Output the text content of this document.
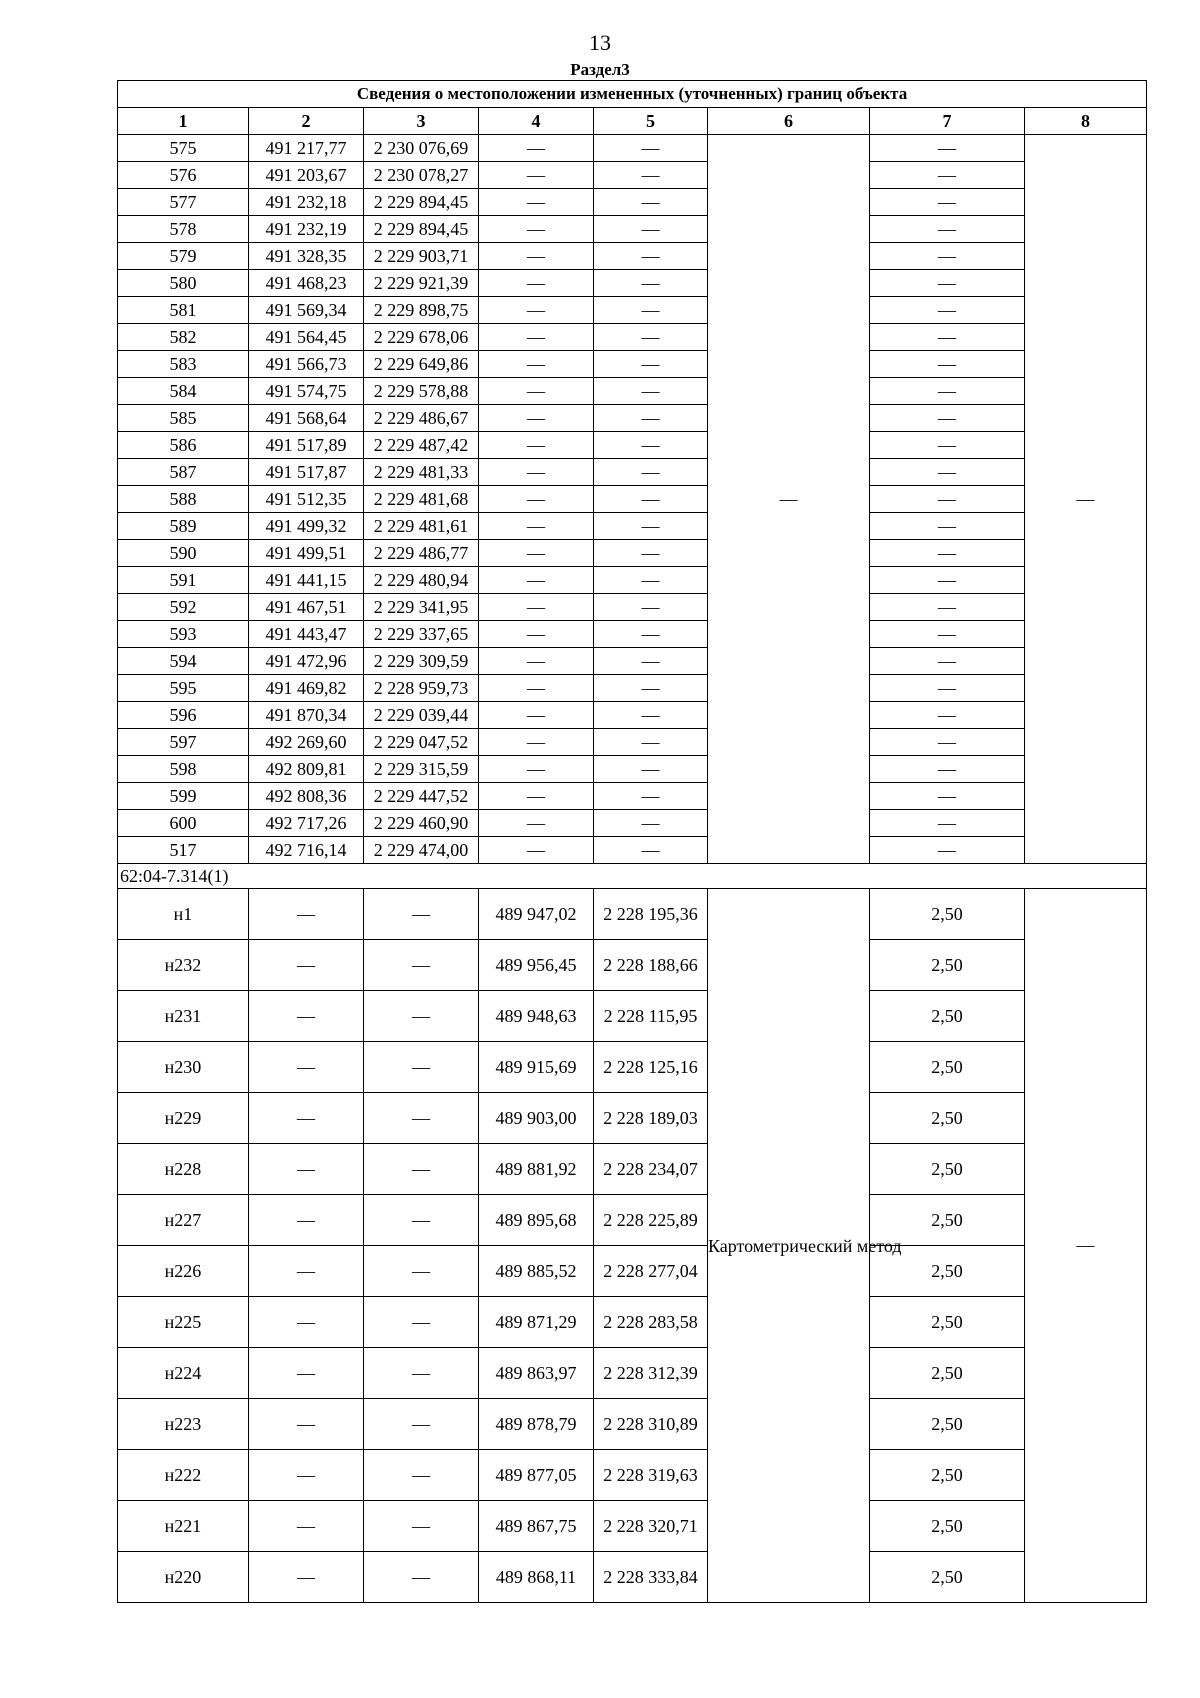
13
Раздел3
Сведения о местоположении измененных (уточненных) границ объекта							
1	2	3	4	5	6	7	8
575	491 217,77	2 230 076,69	—	—	—	—	—
576	491 203,67	2 230 078,27	—	—		—	
577	491 232,18	2 229 894,45	—	—		—	
578	491 232,19	2 229 894,45	—	—		—	
579	491 328,35	2 229 903,71	—	—		—	
580	491 468,23	2 229 921,39	—	—		—	
581	491 569,34	2 229 898,75	—	—		—	
582	491 564,45	2 229 678,06	—	—		—	
583	491 566,73	2 229 649,86	—	—		—	
584	491 574,75	2 229 578,88	—	—		—	
585	491 568,64	2 229 486,67	—	—		—	
586	491 517,89	2 229 487,42	—	—		—	
587	491 517,87	2 229 481,33	—	—		—	
588	491 512,35	2 229 481,68	—	—		—	
589	491 499,32	2 229 481,61	—	—		—	
590	491 499,51	2 229 486,77	—	—		—	
591	491 441,15	2 229 480,94	—	—		—	
592	491 467,51	2 229 341,95	—	—		—	
593	491 443,47	2 229 337,65	—	—		—	
594	491 472,96	2 229 309,59	—	—		—	
595	491 469,82	2 228 959,73	—	—		—	
596	491 870,34	2 229 039,44	—	—		—	
597	492 269,60	2 229 047,52	—	—		—	
598	492 809,81	2 229 315,59	—	—		—	
599	492 808,36	2 229 447,52	—	—		—	
600	492 717,26	2 229 460,90	—	—		—	
517	492 716,14	2 229 474,00	—	—		—	
62:04-7.314(1)							
н1	—	—	489 947,02	2 228 195,36	Картометрический метод	2,50	—
н232	—	—	489 956,45	2 228 188,66		2,50	
н231	—	—	489 948,63	2 228 115,95		2,50	
н230	—	—	489 915,69	2 228 125,16		2,50	
н229	—	—	489 903,00	2 228 189,03		2,50	
н228	—	—	489 881,92	2 228 234,07		2,50	
н227	—	—	489 895,68	2 228 225,89		2,50	
н226	—	—	489 885,52	2 228 277,04		2,50	
н225	—	—	489 871,29	2 228 283,58		2,50	
н224	—	—	489 863,97	2 228 312,39		2,50	
н223	—	—	489 878,79	2 228 310,89		2,50	
н222	—	—	489 877,05	2 228 319,63		2,50	
н221	—	—	489 867,75	2 228 320,71		2,50	
н220	—	—	489 868,11	2 228 333,84		2,50	
